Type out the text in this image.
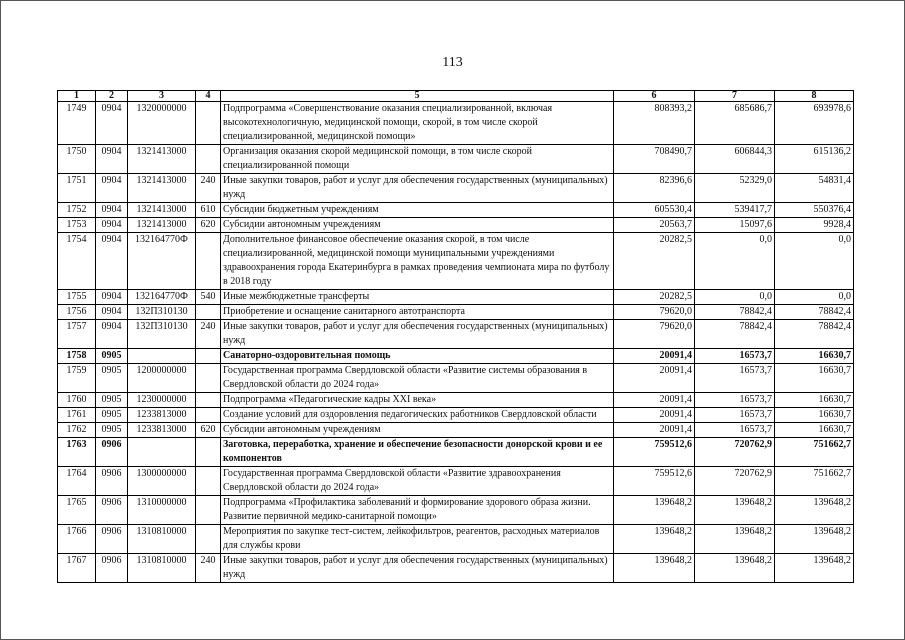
113
1	2	3	4	5	6	7	8
1749	0904	1320000000		Подпрограмма «Совершенствование оказания специализированной, включая высокотехнологичную, медицинской помощи, скорой, в том числе скорой специализированной, медицинской помощи»	808393,2	685686,7	693978,6
1750	0904	1321413000		Организация оказания скорой медицинской помощи, в том числе скорой специализированной помощи	708490,7	606844,3	615136,2
1751	0904	1321413000	240	Иные закупки товаров, работ и услуг для обеспечения государственных (муниципальных) нужд	82396,6	52329,0	54831,4
1752	0904	1321413000	610	Субсидии бюджетным учреждениям	605530,4	539417,7	550376,4
1753	0904	1321413000	620	Субсидии автономным учреждениям	20563,7	15097,6	9928,4
1754	0904	132164770Ф		Дополнительное финансовое обеспечение оказания скорой, в том числе специализированной, медицинской помощи муниципальными учреждениями здравоохранения города Екатеринбурга в рамках проведения чемпионата мира по футболу в 2018 году	20282,5	0,0	0,0
1755	0904	132164770Ф	540	Иные межбюджетные трансферты	20282,5	0,0	0,0
1756	0904	132П310130		Приобретение и оснащение санитарного автотранспорта	79620,0	78842,4	78842,4
1757	0904	132П310130	240	Иные закупки товаров, работ и услуг для обеспечения государственных (муниципальных) нужд	79620,0	78842,4	78842,4
1758	0905			Санаторно-оздоровительная помощь	20091,4	16573,7	16630,7
1759	0905	1200000000		Государственная программа Свердловской области «Развитие системы образования в Свердловской области до 2024 года»	20091,4	16573,7	16630,7
1760	0905	1230000000		Подпрограмма «Педагогические кадры XXI века»	20091,4	16573,7	16630,7
1761	0905	1233813000		Создание условий для оздоровления педагогических работников Свердловской области	20091,4	16573,7	16630,7
1762	0905	1233813000	620	Субсидии автономным учреждениям	20091,4	16573,7	16630,7
1763	0906			Заготовка, переработка, хранение и обеспечение безопасности донорской крови и ее компонентов	759512,6	720762,9	751662,7
1764	0906	1300000000		Государственная программа Свердловской области «Развитие здравоохранения Свердловской области до 2024 года»	759512,6	720762,9	751662,7
1765	0906	1310000000		Подпрограмма «Профилактика заболеваний и формирование здорового образа жизни. Развитие первичной медико-санитарной помощи»	139648,2	139648,2	139648,2
1766	0906	1310810000		Мероприятия по закупке тест-систем, лейкофильтров, реагентов, расходных материалов для службы крови	139648,2	139648,2	139648,2
1767	0906	1310810000	240	Иные закупки товаров, работ и услуг для обеспечения государственных (муниципальных) нужд	139648,2	139648,2	139648,2
